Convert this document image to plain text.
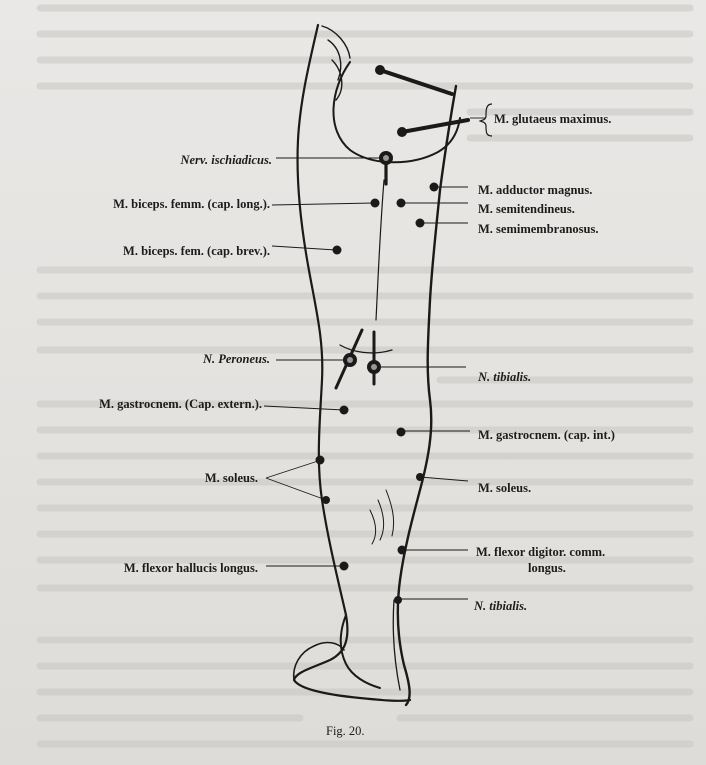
M. glutaeus maximus.
Nerv. ischiadicus.
M. adductor magnus.
M. semitendineus.
M. semimembranosus.
M. biceps. femm. (cap. long.).
M. biceps. fem. (cap. brev.).
N. Peroneus.
N. tibialis.
M. gastrocnem. (Cap. extern.).
M. gastrocnem. (cap. int.)
M. soleus.
M. soleus.
M. flexor hallucis longus.
M. flexor digitor. comm.
longus.
N. tibialis.
Fig. 20.
